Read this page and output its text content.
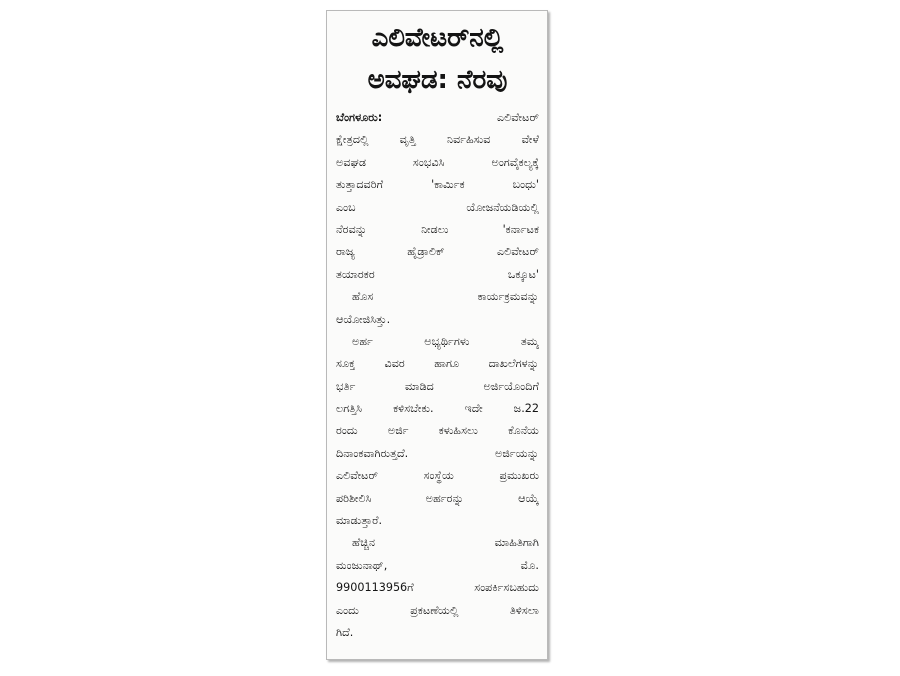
ಎಲಿವೇಟರ್‌ನಲ್ಲಿ
ಅವಘಡ: ನೆರವು
ಬೆಂಗಳೂರು:	ಎಲಿವೇಟರ್
ಕ್ಷೇತ್ರದಲ್ಲಿ ವೃತ್ತಿ ನಿರ್ವಹಿಸುವ ವೇಳೆ
ಅವಘಡ ಸಂಭವಿಸಿ ಅಂಗವೈಕಲ್ಯಕ್ಕೆ
ತುತ್ತಾದವರಿಗೆ 'ಕಾರ್ಮಿಕ ಬಂಧು'
ಎಂಬ ಯೋಜನೆಯಡಿಯಲ್ಲಿ
ನೆರವನ್ನು ನೀಡಲು 'ಕರ್ನಾಟಕ
ರಾಜ್ಯ ಹೈಡ್ರಾಲಿಕ್ ಎಲಿವೇಟರ್
ತಯಾರಕರ ಒಕ್ಕೂಟ'
ಹೊಸ ಕಾರ್ಯಕ್ರಮವನ್ನು
ಆಯೋಜಿಸಿತ್ತು.
ಅರ್ಹ ಅಭ್ಯರ್ಥಿಗಳು ತಮ್ಮ
ಸೂಕ್ತ ವಿವರ ಹಾಗೂ ದಾಖಲೆಗಳನ್ನು
ಭರ್ತಿ ಮಾಡಿದ ಅರ್ಜಿಯೊಂದಿಗೆ
ಲಗತ್ತಿಸಿ ಕಳಿಸಬೇಕು. ಇದೇ ಜ.22
ರಂದು ಅರ್ಜಿ ಕಳುಹಿಸಲು ಕೊನೆಯ
ದಿನಾಂಕವಾಗಿರುತ್ತದೆ. ಅರ್ಜಿಯನ್ನು
ಎಲಿವೇಟರ್ ಸಂಸ್ಥೆಯ ಪ್ರಮುಖರು
ಪರಿಶೀಲಿಸಿ ಅರ್ಹರನ್ನು ಆಯ್ಕೆ
ಮಾಡುತ್ತಾರೆ.
ಹೆಚ್ಚಿನ ಮಾಹಿತಿಗಾಗಿ
ಮಂಜುನಾಥ್, ಮೊ.
9900113956ಗೆ ಸಂಪರ್ಕಿಸಬಹುದು
ಎಂದು ಪ್ರಕಟಣೆಯಲ್ಲಿ ತಿಳಿಸಲಾ
ಗಿದೆ.
